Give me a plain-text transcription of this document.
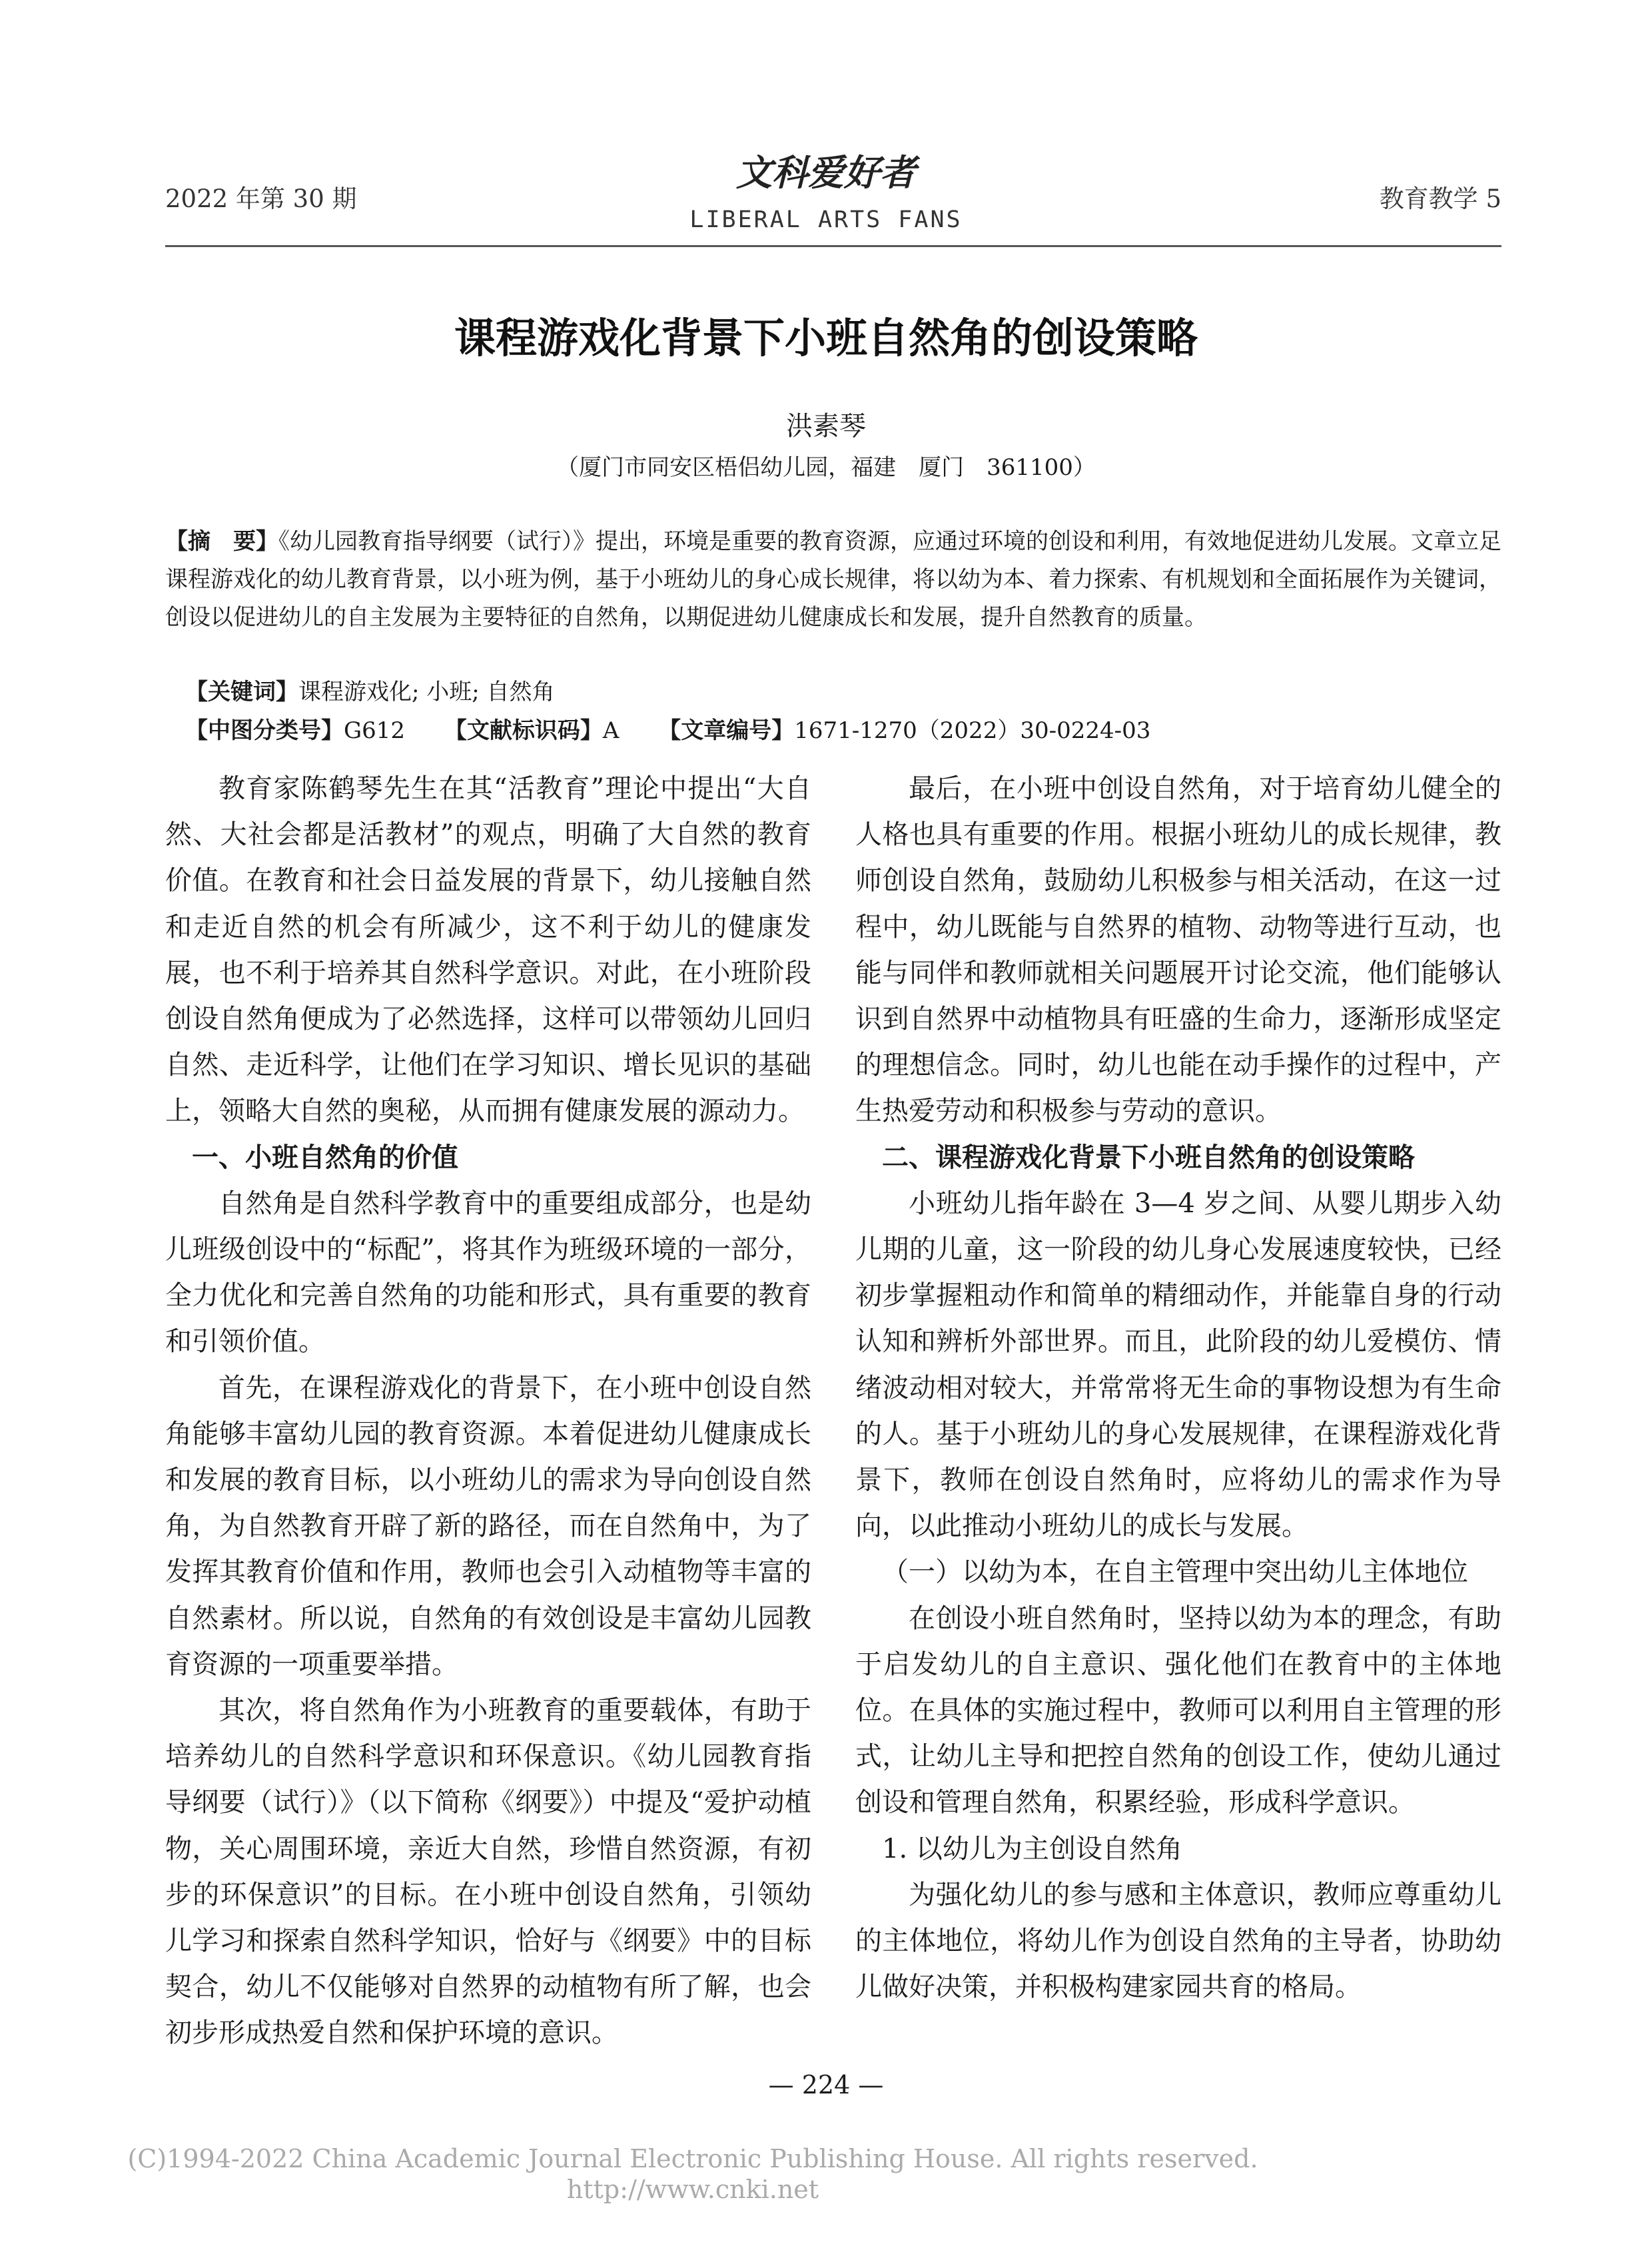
2022 年第 30 期
文科爱好者
LIBERAL ARTS FANS
教育教学 5
课程游戏化背景下小班自然角的创设策略
洪素琴
（厦门市同安区梧侣幼儿园，福建　厦门　361100）
【摘　要】《幼儿园教育指导纲要（试行）》提出，环境是重要的教育资源，应通过环境的创设和利用，有效地促进幼儿发展。文章立足课程游戏化的幼儿教育背景，以小班为例，基于小班幼儿的身心成长规律，将以幼为本、着力探索、有机规划和全面拓展作为关键词，创设以促进幼儿的自主发展为主要特征的自然角，以期促进幼儿健康成长和发展，提升自然教育的质量。
【关键词】课程游戏化; 小班; 自然角
【中图分类号】G612 【文献标识码】A 【文章编号】1671-1270（2022）30-0224-03

教育家陈鹤琴先生在其“活教育”理论中提出“大自然、大社会都是活教材”的观点，明确了大自然的教育价值。在教育和社会日益发展的背景下，幼儿接触自然和走近自然的机会有所减少，这不利于幼儿的健康发展，也不利于培养其自然科学意识。对此，在小班阶段创设自然角便成为了必然选择，这样可以带领幼儿回归自然、走近科学，让他们在学习知识、增长见识的基础上，领略大自然的奥秘，从而拥有健康发展的源动力。

一、小班自然角的价值

自然角是自然科学教育中的重要组成部分，也是幼儿班级创设中的“标配”，将其作为班级环境的一部分，全力优化和完善自然角的功能和形式，具有重要的教育和引领价值。

首先，在课程游戏化的背景下，在小班中创设自然角能够丰富幼儿园的教育资源。本着促进幼儿健康成长和发展的教育目标，以小班幼儿的需求为导向创设自然角，为自然教育开辟了新的路径，而在自然角中，为了发挥其教育价值和作用，教师也会引入动植物等丰富的自然素材。所以说，自然角的有效创设是丰富幼儿园教育资源的一项重要举措。

其次，将自然角作为小班教育的重要载体，有助于培养幼儿的自然科学意识和环保意识。《幼儿园教育指导纲要（试行）》（以下简称《纲要》）中提及“爱护动植物，关心周围环境，亲近大自然，珍惜自然资源，有初步的环保意识”的目标。在小班中创设自然角，引领幼儿学习和探索自然科学知识，恰好与《纲要》中的目标契合，幼儿不仅能够对自然界的动植物有所了解，也会初步形成热爱自然和保护环境的意识。

最后，在小班中创设自然角，对于培育幼儿健全的人格也具有重要的作用。根据小班幼儿的成长规律，教师创设自然角，鼓励幼儿积极参与相关活动，在这一过程中，幼儿既能与自然界的植物、动物等进行互动，也能与同伴和教师就相关问题展开讨论交流，他们能够认识到自然界中动植物具有旺盛的生命力，逐渐形成坚定的理想信念。同时，幼儿也能在动手操作的过程中，产生热爱劳动和积极参与劳动的意识。

二、课程游戏化背景下小班自然角的创设策略

小班幼儿指年龄在 3—4 岁之间、从婴儿期步入幼儿期的儿童，这一阶段的幼儿身心发展速度较快，已经初步掌握粗动作和简单的精细动作，并能靠自身的行动认知和辨析外部世界。而且，此阶段的幼儿爱模仿、情绪波动相对较大，并常常将无生命的事物设想为有生命的人。基于小班幼儿的身心发展规律，在课程游戏化背景下，教师在创设自然角时，应将幼儿的需求作为导向，以此推动小班幼儿的成长与发展。

（一）以幼为本，在自主管理中突出幼儿主体地位

在创设小班自然角时，坚持以幼为本的理念，有助于启发幼儿的自主意识、强化他们在教育中的主体地位。在具体的实施过程中，教师可以利用自主管理的形式，让幼儿主导和把控自然角的创设工作，使幼儿通过创设和管理自然角，积累经验，形成科学意识。

1. 以幼儿为主创设自然角

为强化幼儿的参与感和主体意识，教师应尊重幼儿的主体地位，将幼儿作为创设自然角的主导者，协助幼儿做好决策，并积极构建家园共育的格局。

— 224 —
(C)1994-2022 China Academic Journal Electronic Publishing House. All rights reserved.　 http://www.cnki.net
